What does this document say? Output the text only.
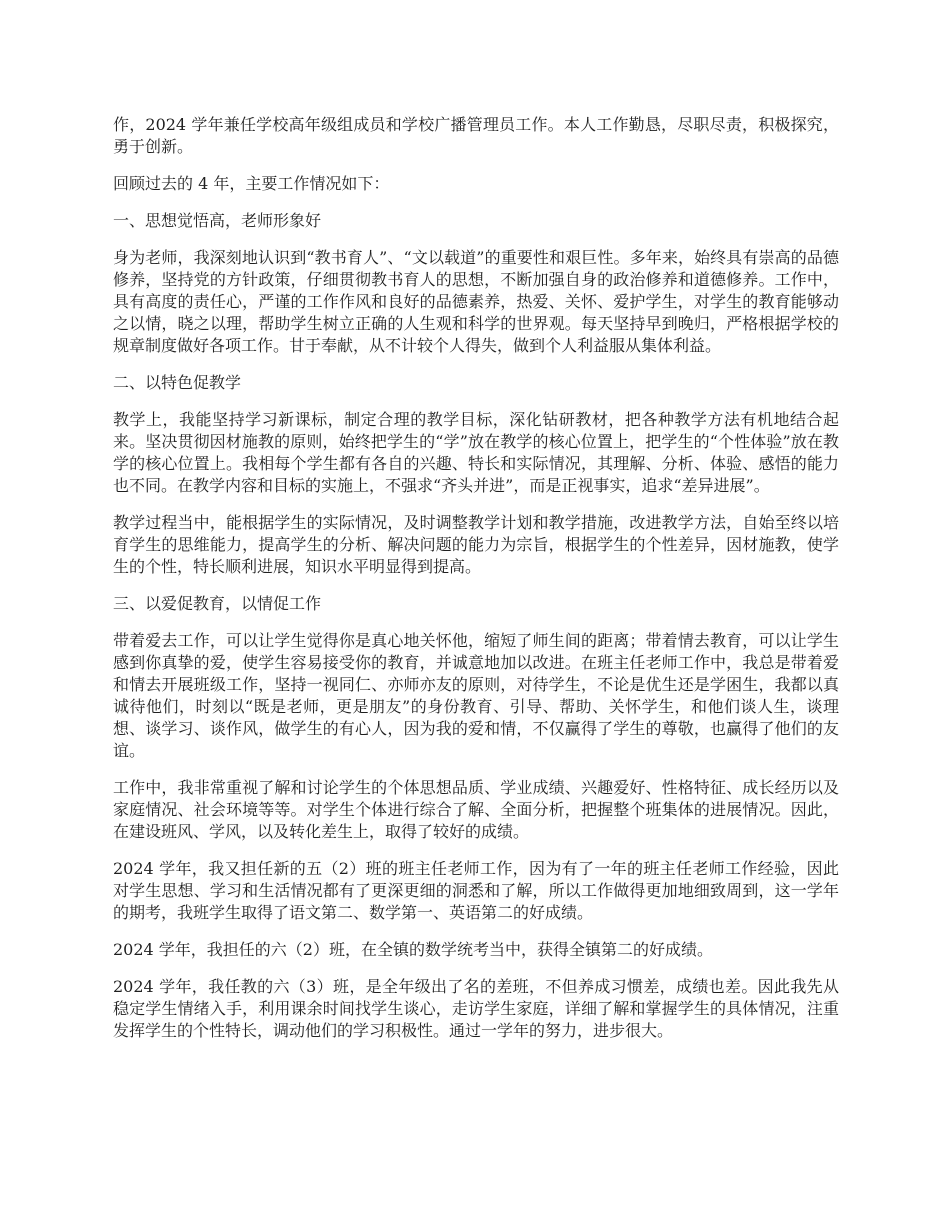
作，2024 学年兼任学校高年级组成员和学校广播管理员工作。本人工作勤恳，尽职尽责，积极探究，勇于创新。

回顾过去的 4 年，主要工作情况如下：

一、思想觉悟高，老师形象好

身为老师，我深刻地认识到“教书育人”、“文以载道”的重要性和艰巨性。多年来，始终具有崇高的品德修养，坚持党的方针政策，仔细贯彻教书育人的思想，不断加强自身的政治修养和道德修养。工作中，具有高度的责任心，严谨的工作作风和良好的品德素养，热爱、关怀、爱护学生，对学生的教育能够动之以情，晓之以理，帮助学生树立正确的人生观和科学的世界观。每天坚持早到晚归，严格根据学校的规章制度做好各项工作。甘于奉献，从不计较个人得失，做到个人利益服从集体利益。

二、以特色促教学

教学上，我能坚持学习新课标，制定合理的教学目标，深化钻研教材，把各种教学方法有机地结合起来。坚决贯彻因材施教的原则，始终把学生的“学”放在教学的核心位置上，把学生的“个性体验”放在教学的核心位置上。我相每个学生都有各自的兴趣、特长和实际情况，其理解、分析、体验、感悟的能力也不同。在教学内容和目标的实施上，不强求“齐头并进”，而是正视事实，追求“差异进展”。

教学过程当中，能根据学生的实际情况，及时调整教学计划和教学措施，改进教学方法，自始至终以培育学生的思维能力，提高学生的分析、解决问题的能力为宗旨，根据学生的个性差异，因材施教，使学生的个性，特长顺利进展，知识水平明显得到提高。

三、以爱促教育，以情促工作

带着爱去工作，可以让学生觉得你是真心地关怀他，缩短了师生间的距离；带着情去教育，可以让学生感到你真挚的爱，使学生容易接受你的教育，并诚意地加以改进。在班主任老师工作中，我总是带着爱和情去开展班级工作，坚持一视同仁、亦师亦友的原则，对待学生，不论是优生还是学困生，我都以真诚待他们，时刻以“既是老师，更是朋友”的身份教育、引导、帮助、关怀学生，和他们谈人生，谈理想、谈学习、谈作风，做学生的有心人，因为我的爱和情，不仅赢得了学生的尊敬，也赢得了他们的友谊。

工作中，我非常重视了解和讨论学生的个体思想品质、学业成绩、兴趣爱好、性格特征、成长经历以及家庭情况、社会环境等等。对学生个体进行综合了解、全面分析，把握整个班集体的进展情况。因此，在建设班风、学风，以及转化差生上，取得了较好的成绩。

2024 学年，我又担任新的五（2）班的班主任老师工作，因为有了一年的班主任老师工作经验，因此对学生思想、学习和生活情况都有了更深更细的洞悉和了解，所以工作做得更加地细致周到，这一学年的期考，我班学生取得了语文第二、数学第一、英语第二的好成绩。

2024 学年，我担任的六（2）班，在全镇的数学统考当中，获得全镇第二的好成绩。

2024 学年，我任教的六（3）班，是全年级出了名的差班，不但养成习惯差，成绩也差。因此我先从稳定学生情绪入手，利用课余时间找学生谈心，走访学生家庭，详细了解和掌握学生的具体情况，注重发挥学生的个性特长，调动他们的学习积极性。通过一学年的努力，进步很大。
